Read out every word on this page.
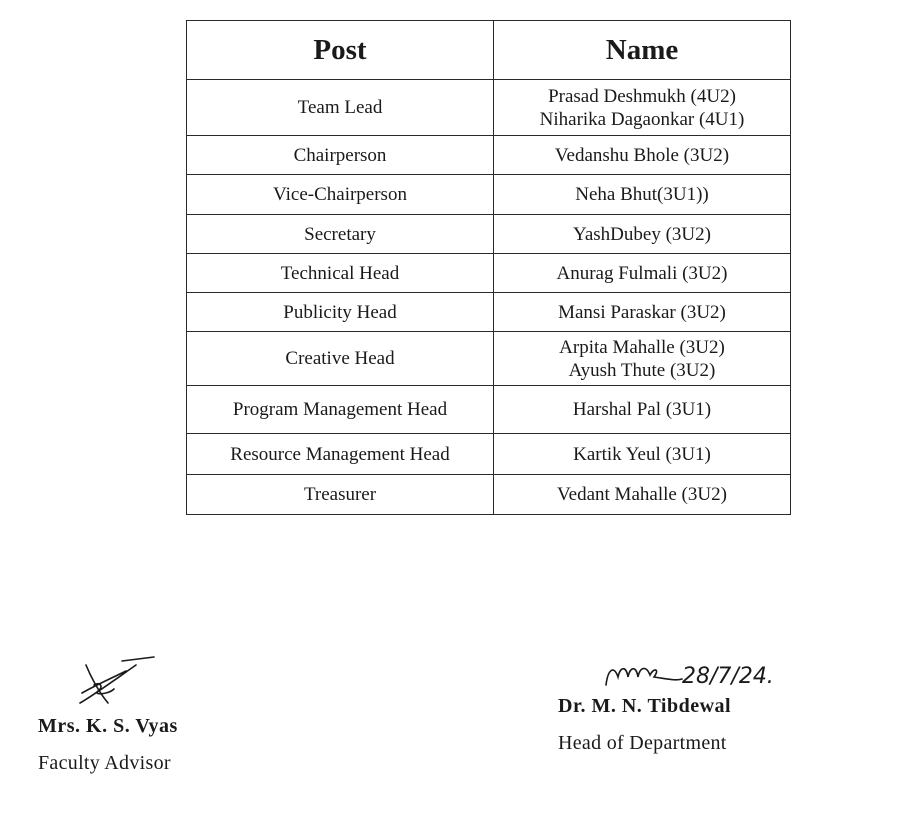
Post	Name
Team Lead	Prasad Deshmukh (4U2)
Niharika Dagaonkar (4U1)

Chairperson	Vedanshu Bhole (3U2)

Vice-Chairperson	Neha Bhut(3U1))

Secretary	YashDubey (3U2)

Technical Head	Anurag Fulmali (3U2)

Publicity Head	Mansi Paraskar (3U2)

Creative Head	Arpita Mahalle (3U2)
Ayush Thute (3U2)

Program Management Head	Harshal Pal (3U1)

Resource Management Head	Kartik Yeul (3U1)

Treasurer	Vedant Mahalle (3U2)
Mrs. K. S. Vyas
Faculty Advisor
28/7/24.
Dr. M. N. Tibdewal
Head of Department
